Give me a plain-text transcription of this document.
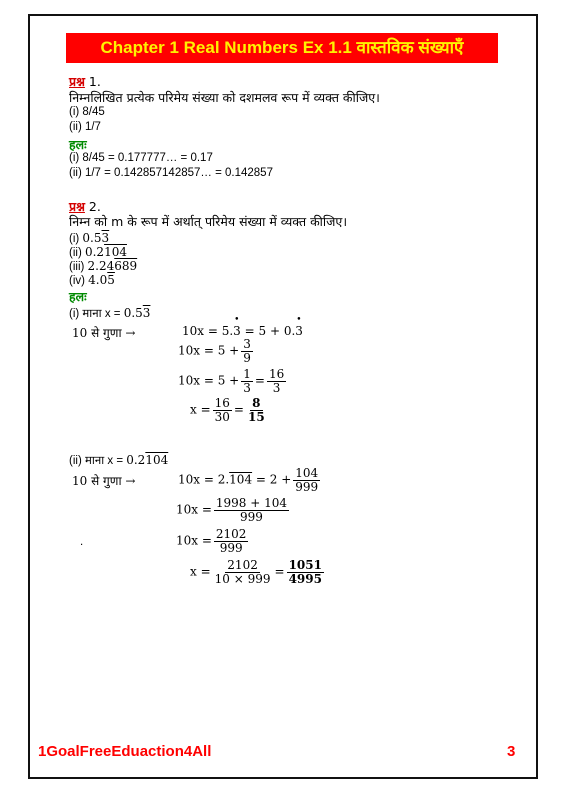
Chapter 1 Real Numbers Ex 1.1 वास्तविक संख्याएँ
प्रश्न 1.
निम्नलिखित प्रत्येक परिमेय संख्या को दशमलव रूप में व्यक्त कीजिए।
(i) 8/45
(ii) 1/7
हलः
(i) 8/45 = 0.177777… = 0.17
(ii) 1/7 = 0.142857142857… = 0.142857
प्रश्न 2.
निम्न को m के रूप में अर्थात् परिमेय संख्या में व्यक्त कीजिए।
(i) 0.53
(ii) 0.2104
(iii) 2.24689
(iv) 4.05
हलः
(i) माना x = 0.53
10 से गुणा →	10x = 5.• 3 = 5 + 0.• 3
$10x = 5 + \frac{3}{9}$
$10x = 5 + \frac{1}{3} = \frac{16}{3}$
$x = \frac{16}{30} = \frac{8}{15}$
(ii) माना x = 0.2104
10 से गुणा →	$10x = 2.104 = 2 + \frac{104}{999}$
$10x = \frac{1998 + 104}{999}$
$10x = \frac{2102}{999}$
$x = \frac{2102}{10 \times 999} = \frac{1051}{4995}$
.
1GoalFreeEduaction4All	3
